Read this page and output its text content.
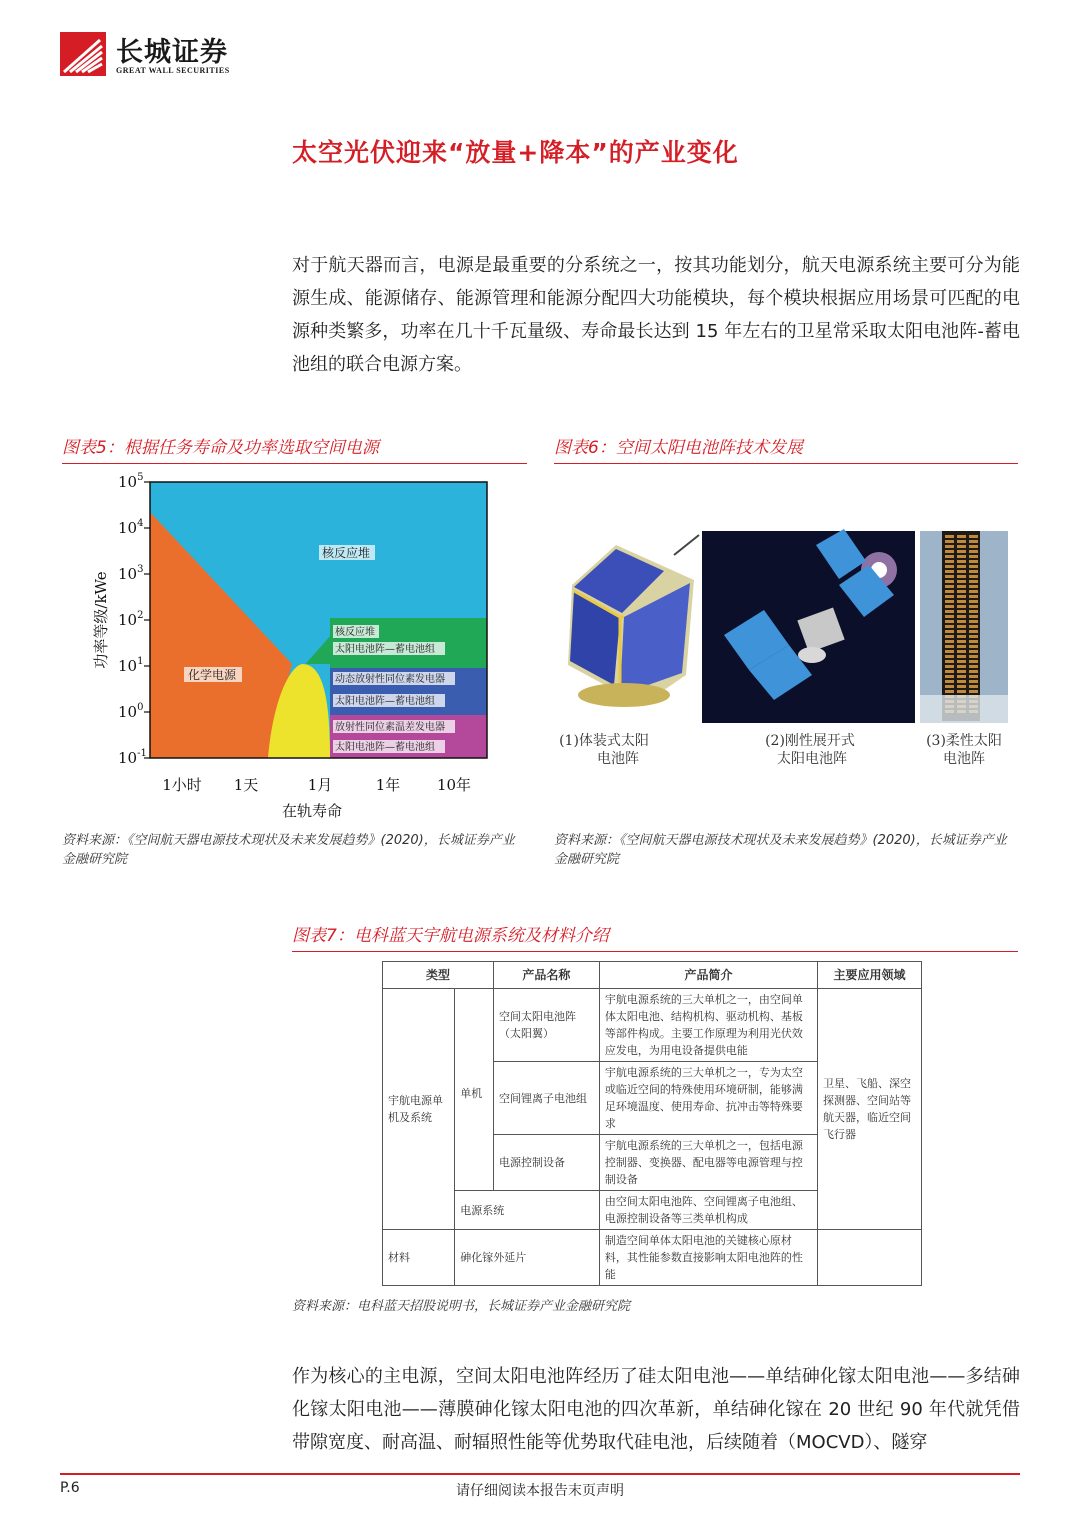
长城证券
GREAT WALL SECURITIES
太空光伏迎来“放量+降本”的产业变化
对于航天器而言，电源是最重要的分系统之一，按其功能划分，航天电源系统主要可分为能源生成、能源储存、能源管理和能源分配四大功能模块，每个模块根据应用场景可匹配的电源种类繁多，功率在几十千瓦量级、寿命最长达到 15 年左右的卫星常采取太阳电池阵-蓄电池组的联合电源方案。
图表5：根据任务寿命及功率选取空间电源
核反应堆
化学电源
核反应堆
太阳电池阵—蓄电池组
动态放射性同位素发电器
太阳电池阵—蓄电池组
放射性同位素温差发电器
太阳电池阵—蓄电池组
$10^5$
$10^4$
$10^3$
$10^2$
$10^1$
$10^0$
$10^{-1}$
1小时 1天	1月	1年 10年
在轨寿命
功率等级/kWe
资料来源：《空间航天器电源技术现状及未来发展趋势》(2020)，长城证券产业金融研究院
图表6：空间太阳电池阵技术发展
(1)体装式太阳
电池阵
(2)刚性展开式
太阳电池阵
(3)柔性太阳
电池阵
资料来源：《空间航天器电源技术现状及未来发展趋势》(2020)，长城证券产业金融研究院
图表7：电科蓝天宇航电源系统及材料介绍
类型		产品名称	产品简介	主要应用领域
宇航电源单机及系统	单机	空间太阳电池阵（太阳翼）	宇航电源系统的三大单机之一，由空间单体太阳电池、结构机构、驱动机构、基板等部件构成。主要工作原理为利用光伏效应发电，为用电设备提供电能	卫星、飞船、深空探测器、空间站等航天器，临近空间飞行器
		空间锂离子电池组	宇航电源系统的三大单机之一，专为太空或临近空间的特殊使用环境研制，能够满足环境温度、使用寿命、抗冲击等特殊要求	
		电源控制设备	宇航电源系统的三大单机之一，包括电源控制器、变换器、配电器等电源管理与控制设备	
	电源系统		由空间太阳电池阵、空间锂离子电池组、电源控制设备等三类单机构成	
材料	砷化镓外延片		制造空间单体太阳电池的关键核心原材料，其性能参数直接影响太阳电池阵的性能	
资料来源：电科蓝天招股说明书，长城证券产业金融研究院
作为核心的主电源，空间太阳电池阵经历了硅太阳电池——单结砷化镓太阳电池——多结砷化镓太阳电池——薄膜砷化镓太阳电池的四次革新，单结砷化镓在 20 世纪 90 年代就凭借带隙宽度、耐高温、耐辐照性能等优势取代硅电池，后续随着（MOCVD）、隧穿
请仔细阅读本报告末页声明
P.6
